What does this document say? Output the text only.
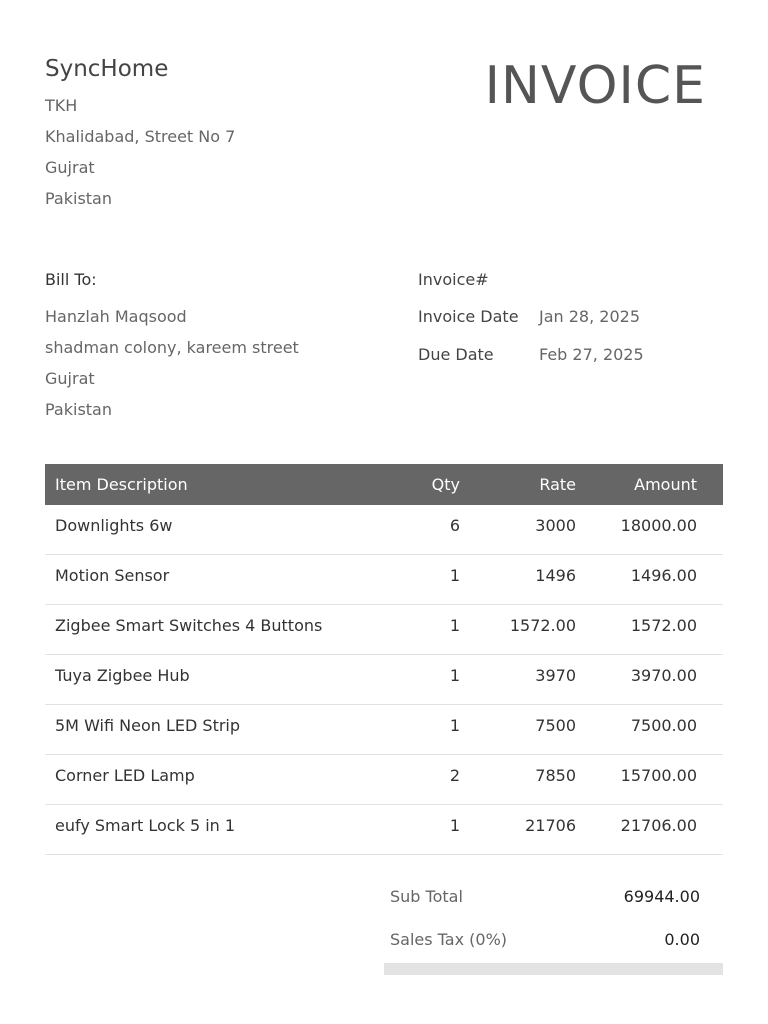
SyncHome
TKH
Khalidabad, Street No 7
Gujrat
Pakistan
INVOICE
Bill To:
Hanzlah Maqsood
shadman colony, kareem street
Gujrat
Pakistan
Invoice#
Invoice Date Jan 28, 2025
Due Date	Feb 27, 2025
Item Description	Qty	Rate	Amount
Downlights 6w	6	3000	18000.00
Motion Sensor	1	1496	1496.00
Zigbee Smart Switches 4 Buttons	1	1572.00	1572.00
Tuya Zigbee Hub	1	3970	3970.00
5M Wifi Neon LED Strip	1	7500	7500.00
Corner LED Lamp	2	7850	15700.00
eufy Smart Lock 5 in 1	1	21706	21706.00
Sub Total	69944.00
Sales Tax (0%)	0.00
